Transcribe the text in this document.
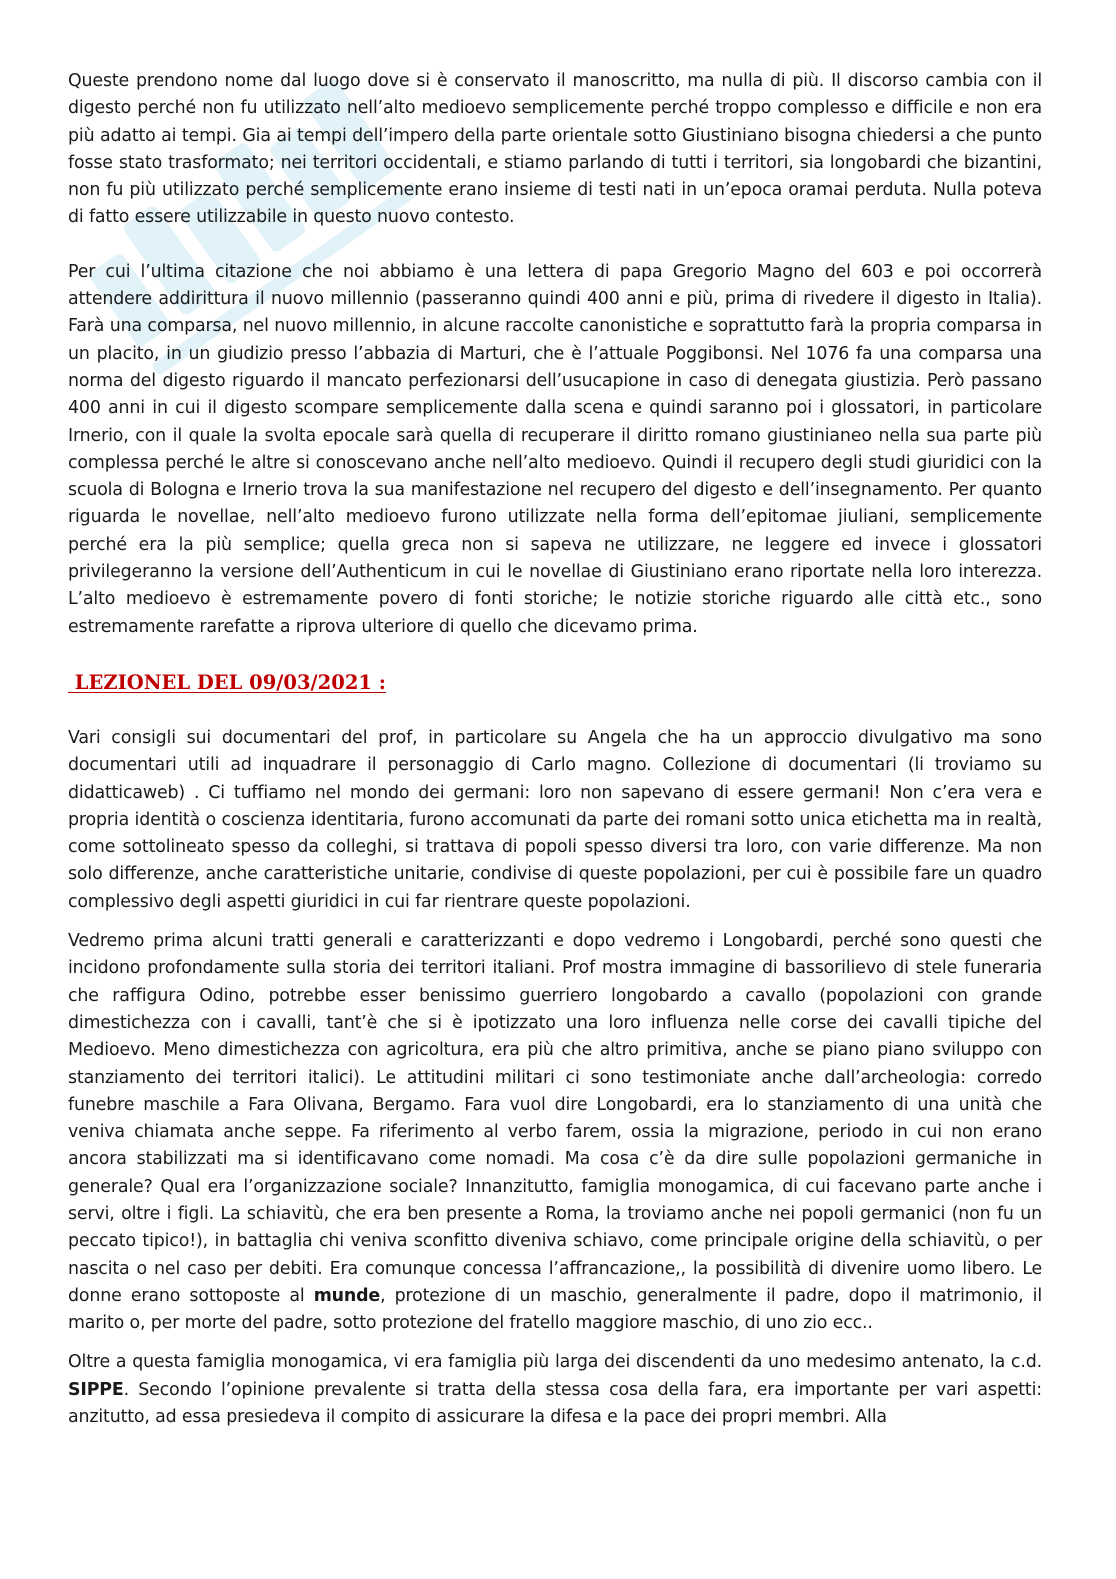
Queste prendono nome dal luogo dove si è conservato il manoscritto, ma nulla di più. Il discorso cambia con il digesto perché non fu utilizzato nell’alto medioevo semplicemente perché troppo complesso e difficile e non era più adatto ai tempi. Gia ai tempi dell’impero della parte orientale sotto Giustiniano bisogna chiedersi a che punto fosse stato trasformato; nei territori occidentali, e stiamo parlando di tutti i territori, sia longobardi che bizantini, non fu più utilizzato perché semplicemente erano insieme di testi nati in un’epoca oramai perduta. Nulla poteva di fatto essere utilizzabile in questo nuovo contesto.

Per cui l’ultima citazione che noi abbiamo è una lettera di papa Gregorio Magno del 603 e poi occorrerà attendere addirittura il nuovo millennio (passeranno quindi 400 anni e più, prima di rivedere il digesto in Italia). Farà una comparsa, nel nuovo millennio, in alcune raccolte canonistiche e soprattutto farà la propria comparsa in un placito, in un giudizio presso l’abbazia di Marturi, che è l’attuale Poggibonsi. Nel 1076 fa una comparsa una norma del digesto riguardo il mancato perfezionarsi dell’usucapione in caso di denegata giustizia. Però passano 400 anni in cui il digesto scompare semplicemente dalla scena e quindi saranno poi i glossatori, in particolare Irnerio, con il quale la svolta epocale sarà quella di recuperare il diritto romano giustinianeo nella sua parte più complessa perché le altre si conoscevano anche nell’alto medioevo. Quindi il recupero degli studi giuridici con la scuola di Bologna e Irnerio trova la sua manifestazione nel recupero del digesto e dell’insegnamento. Per quanto riguarda le novellae, nell’alto medioevo furono utilizzate nella forma dell’epitomae jiuliani, semplicemente perché era la più semplice; quella greca non si sapeva ne utilizzare, ne leggere ed invece i glossatori privilegeranno la versione dell’Authenticum in cui le novellae di Giustiniano erano riportate nella loro interezza. L’alto medioevo è estremamente povero di fonti storiche; le notizie storiche riguardo alle città etc., sono estremamente rarefatte a riprova ulteriore di quello che dicevamo prima.

LEZIONEL DEL 09/03/2021 :

Vari consigli sui documentari del prof, in particolare su Angela che ha un approccio divulgativo ma sono documentari utili ad inquadrare il personaggio di Carlo magno. Collezione di documentari (li troviamo su didatticaweb) . Ci tuffiamo nel mondo dei germani: loro non sapevano di essere germani! Non c’era vera e propria identità o coscienza identitaria, furono accomunati da parte dei romani sotto unica etichetta ma in realtà, come sottolineato spesso da colleghi, si trattava di popoli spesso diversi tra loro, con varie differenze. Ma non solo differenze, anche caratteristiche unitarie, condivise di queste popolazioni, per cui è possibile fare un quadro complessivo degli aspetti giuridici in cui far rientrare queste popolazioni.

Vedremo prima alcuni tratti generali e caratterizzanti e dopo vedremo i Longobardi, perché sono questi che incidono profondamente sulla storia dei territori italiani. Prof mostra immagine di bassorilievo di stele funeraria che raffigura Odino, potrebbe esser benissimo guerriero longobardo a cavallo (popolazioni con grande dimestichezza con i cavalli, tant’è che si è ipotizzato una loro influenza nelle corse dei cavalli tipiche del Medioevo. Meno dimestichezza con agricoltura, era più che altro primitiva, anche se piano piano sviluppo con stanziamento dei territori italici). Le attitudini militari ci sono testimoniate anche dall’archeologia: corredo funebre maschile a Fara Olivana, Bergamo. Fara vuol dire Longobardi, era lo stanziamento di una unità che veniva chiamata anche seppe. Fa riferimento al verbo farem, ossia la migrazione, periodo in cui non erano ancora stabilizzati ma si identificavano come nomadi. Ma cosa c’è da dire sulle popolazioni germaniche in generale? Qual era l’organizzazione sociale? Innanzitutto, famiglia monogamica, di cui facevano parte anche i servi, oltre i figli. La schiavitù, che era ben presente a Roma, la troviamo anche nei popoli germanici (non fu un peccato tipico!), in battaglia chi veniva sconfitto diveniva schiavo, come principale origine della schiavitù, o per nascita o nel caso per debiti. Era comunque concessa l’affrancazione,, la possibilità di divenire uomo libero. Le donne erano sottoposte al munde, protezione di un maschio, generalmente il padre, dopo il matrimonio, il marito o, per morte del padre, sotto protezione del fratello maggiore maschio, di uno zio ecc..

Oltre a questa famiglia monogamica, vi era famiglia più larga dei discendenti da uno medesimo antenato, la c.d. SIPPE. Secondo l’opinione prevalente si tratta della stessa cosa della fara, era importante per vari aspetti: anzitutto, ad essa presiedeva il compito di assicurare la difesa e la pace dei propri membri. Alla
